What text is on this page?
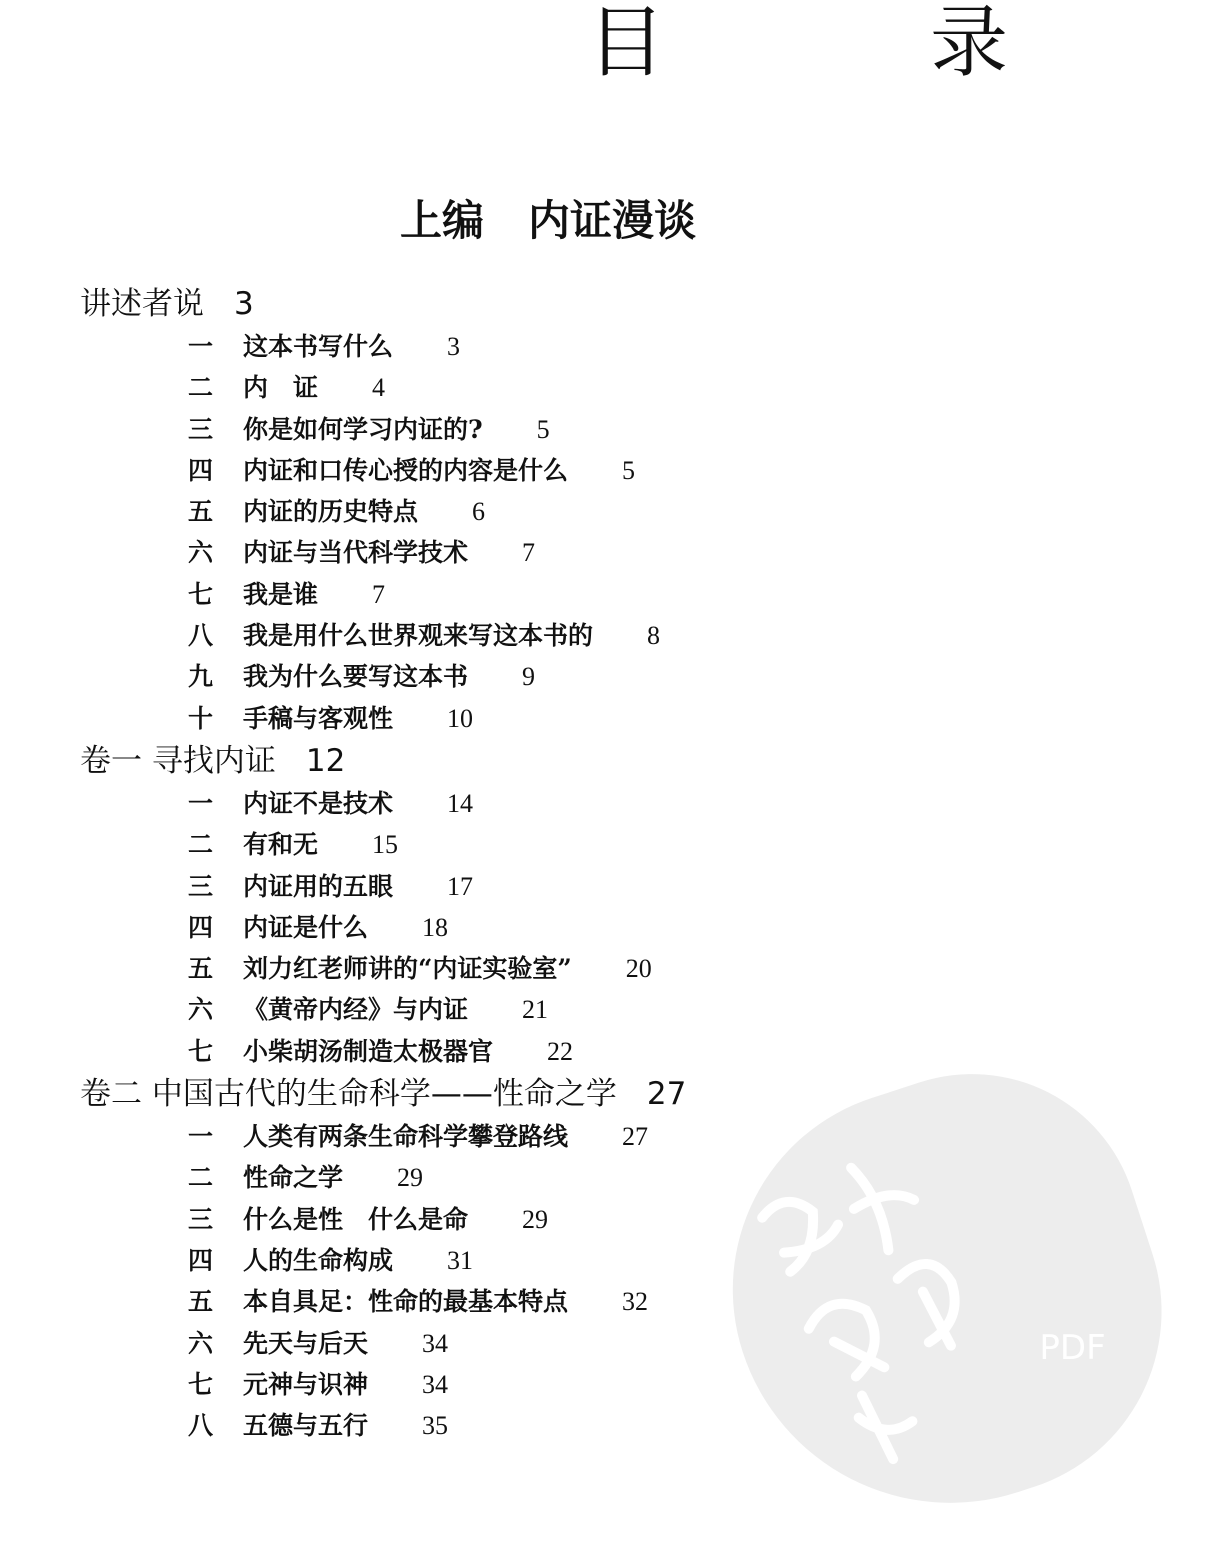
PDF
目 录
上编 内证漫谈
讲述者说 3
一	这本书写什么 3
二	内　证 4
三	你是如何学习内证的? 5
四	内证和口传心授的内容是什么 5
五	内证的历史特点 6
六	内证与当代科学技术 7
七	我是谁 7
八	我是用什么世界观来写这本书的 8
九	我为什么要写这本书 9
十	手稿与客观性 10
卷一 寻找内证 12
一	内证不是技术 14
二	有和无 15
三	内证用的五眼 17
四	内证是什么 18
五	刘力红老师讲的“内证实验室” 20
六	《黄帝内经》与内证 21
七	小柴胡汤制造太极器官 22
卷二 中国古代的生命科学——性命之学 27
一	人类有两条生命科学攀登路线 27
二	性命之学 29
三	什么是性　什么是命 29
四	人的生命构成 31
五	本自具足：性命的最基本特点 32
六	先天与后天 34
七	元神与识神 34
八	五德与五行 35
